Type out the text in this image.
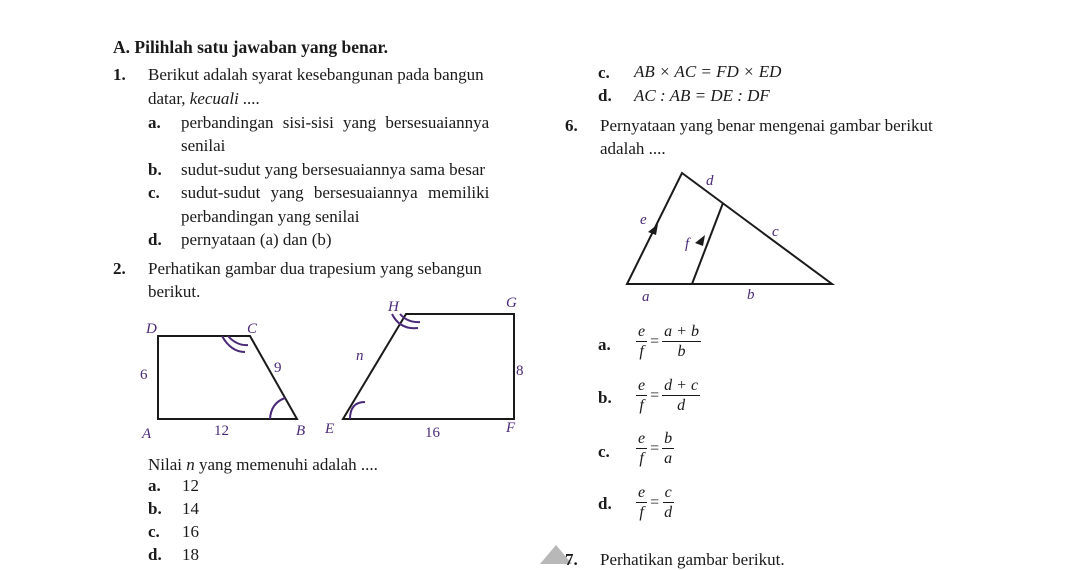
A. Pilihlah satu jawaban yang benar.
1. Berikut adalah syarat kesebangunan pada bangun
datar, kecuali ....
a. perbandingan sisi-sisi yang bersesuaiannya
senilai
b. sudut-sudut yang bersesuaiannya sama besar
c. sudut-sudut yang bersesuaiannya memiliki
perbandingan yang senilai
d. pernyataan (a) dan (b)
2. Perhatikan gambar dua trapesium yang sebangun
berikut.
D	C
6	9
A	12	B
H	G
n
8
E	16	F
d
e
f
c
a	b
Nilai n yang memenuhi adalah ....
a. 12
b. 14
c. 16
d. 18
c. AB × AC = FD × ED
d. AC : AB = DE : DF
6. Pernyataan yang benar mengenai gambar berikut
adalah ....
a. $\frac{e}{f} = \frac{a + b}{b}$
b. $\frac{e}{f} = \frac{d + c}{d}$
c. $\frac{e}{f} = \frac{b}{a}$
d. $\frac{e}{f} = \frac{c}{d}$
7. Perhatikan gambar berikut.
